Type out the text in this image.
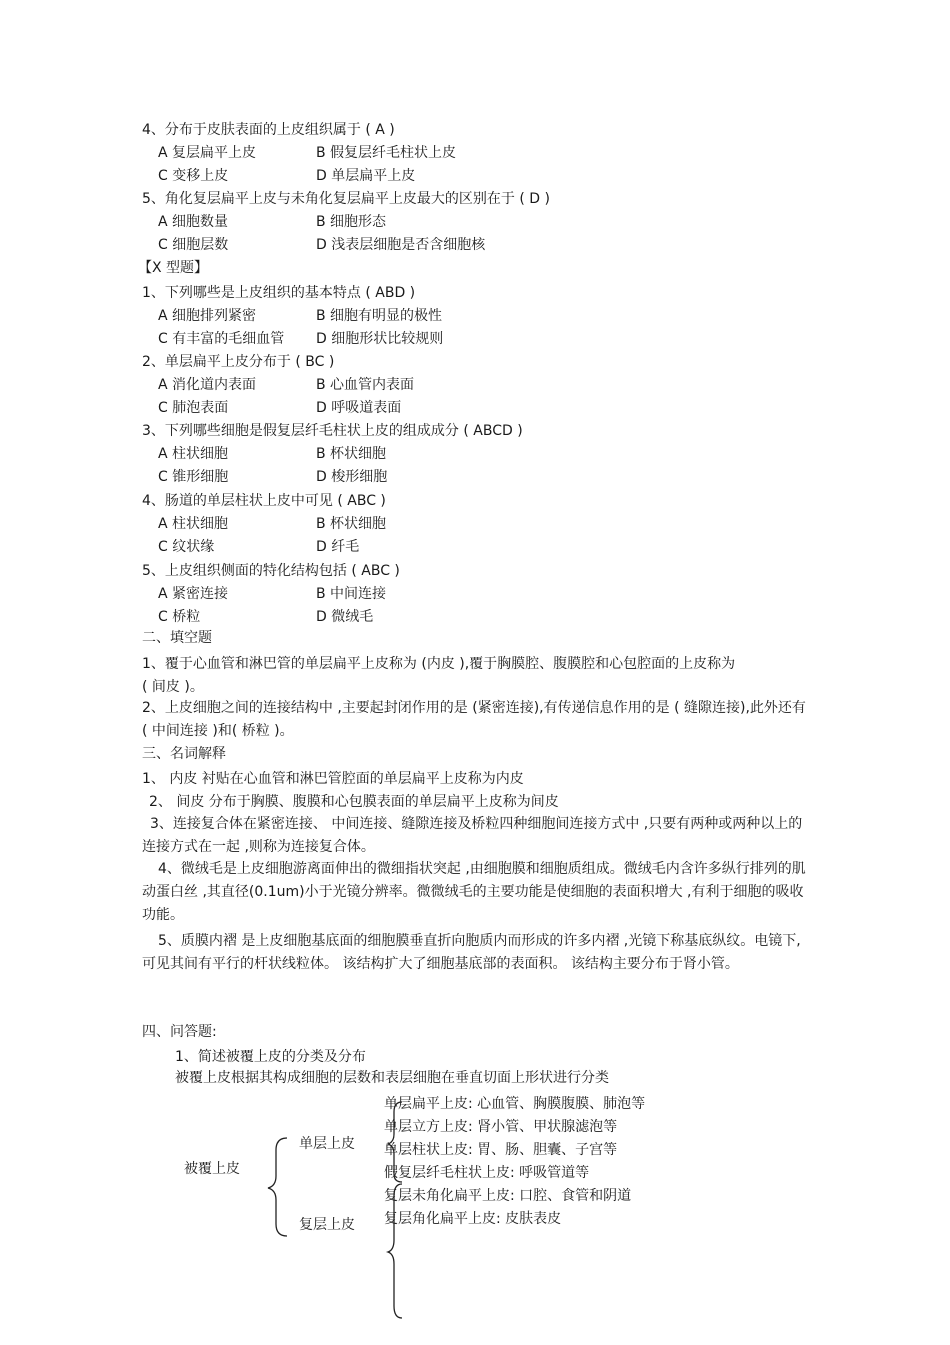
4、分布于皮肤表面的上皮组织属于 ( A )
A 复层扁平上皮	B 假复层纤毛柱状上皮
C 变移上皮	D 单层扁平上皮
5、角化复层扁平上皮与未角化复层扁平上皮最大的区别在于 ( D )
A 细胞数量	B 细胞形态
C 细胞层数	D 浅表层细胞是否含细胞核
【X 型题】
1、下列哪些是上皮组织的基本特点 ( ABD )
A 细胞排列紧密	B 细胞有明显的极性
C 有丰富的毛细血管 D 细胞形状比较规则
2、单层扁平上皮分布于 ( BC )
A 消化道内表面	B 心血管内表面
C 肺泡表面	D 呼吸道表面
3、下列哪些细胞是假复层纤毛柱状上皮的组成成分 ( ABCD )
A 柱状细胞	B 杯状细胞
C 锥形细胞	D 梭形细胞
4、肠道的单层柱状上皮中可见 ( ABC )
A 柱状细胞	B 杯状细胞
C 纹状缘	D 纤毛
5、上皮组织侧面的特化结构包括 ( ABC )
A 紧密连接	B 中间连接
C 桥粒	D 微绒毛
二、填空题
1、覆于心血管和淋巴管的单层扁平上皮称为 (内皮 ),覆于胸膜腔、腹膜腔和心包腔面的上皮称为
( 间皮 )。
2、上皮细胞之间的连接结构中 ,主要起封闭作用的是 (紧密连接),有传递信息作用的是 ( 缝隙连接),此外还有( 中间连接 )和( 桥粒 )。
三、名词解释
1、 内皮 衬贴在心血管和淋巴管腔面的单层扁平上皮称为内皮
2、 间皮 分布于胸膜、腹膜和心包膜表面的单层扁平上皮称为间皮
3、连接复合体在紧密连接、 中间连接、缝隙连接及桥粒四种细胞间连接方式中 ,只要有两种或两种以上的连接方式在一起 ,则称为连接复合体。
4、微绒毛是上皮细胞游离面伸出的微细指状突起 ,由细胞膜和细胞质组成。微绒毛内含许多纵行排列的肌动蛋白丝 ,其直径(0.1um)小于光镜分辨率。微微绒毛的主要功能是使细胞的表面积增大 ,有利于细胞的吸收功能。
5、质膜内褶 是上皮细胞基底面的细胞膜垂直折向胞质内而形成的许多内褶 ,光镜下称基底纵纹。电镜下,可见其间有平行的杆状线粒体。 该结构扩大了细胞基底部的表面积。 该结构主要分布于肾小管。
四、问答题:
1、简述被覆上皮的分类及分布
被覆上皮根据其构成细胞的层数和表层细胞在垂直切面上形状进行分类
被覆上皮
单层上皮
复层上皮
单层扁平上皮: 心血管、胸膜腹膜、肺泡等
单层立方上皮: 肾小管、甲状腺滤泡等
单层柱状上皮: 胃、肠、胆囊、子宫等
假复层纤毛柱状上皮: 呼吸管道等
复层未角化扁平上皮: 口腔、食管和阴道
复层角化扁平上皮: 皮肤表皮
